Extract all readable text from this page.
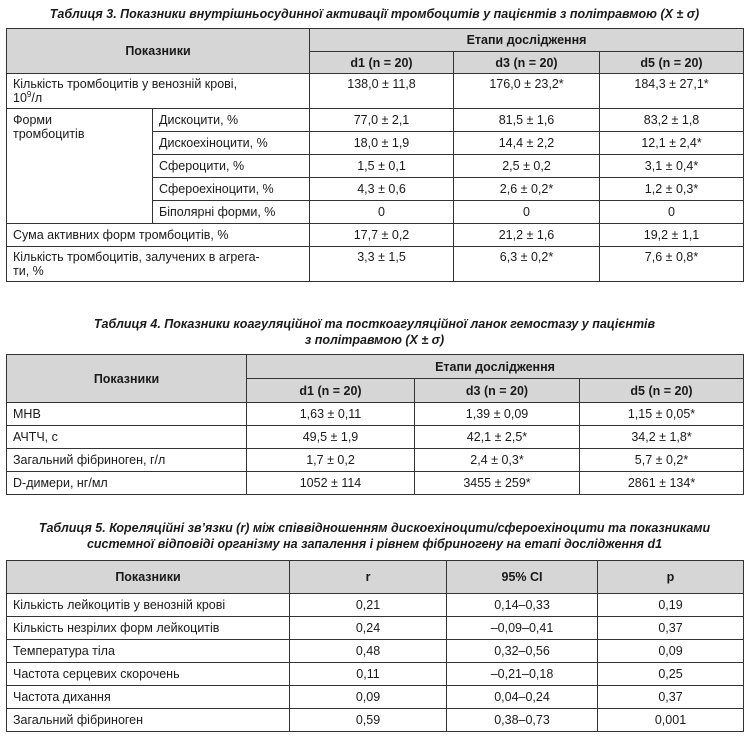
Таблиця 3. Показники внутрішньосудинної активації тромбоцитів у пацієнтів з політравмою (X ± σ)
Показники		Етапи дослідження		
		d1 (n = 20)	d3 (n = 20)	d5 (n = 20)
Кількість тромбоцитів у венозній крові,
$10^9/л$		138,0 ± 11,8	176,0 ± 23,2*	184,3 ± 27,1*
Форми
тромбоцитів	Дискоцити, %	77,0 ± 2,1	81,5 ± 1,6	83,2 ± 1,8
	Дискоехіноцити, %	18,0 ± 1,9	14,4 ± 2,2	12,1 ± 2,4*
	Сфероцити, %	1,5 ± 0,1	2,5 ± 0,2	3,1 ± 0,4*
	Сфероехіноцити, %	4,3 ± 0,6	2,6 ± 0,2*	1,2 ± 0,3*
	Біполярні форми, %	0	0	0
Сума активних форм тромбоцитів, %		17,7 ± 0,2	21,2 ± 1,6	19,2 ± 1,1
Кількість тромбоцитів, залучених в агрега-
ти, %		3,3 ± 1,5	6,3 ± 0,2*	7,6 ± 0,8*
Таблиця 4. Показники коагуляційної та посткоагуляційної ланок гемостазу у пацієнтів
з політравмою (X ± σ)
Показники	Етапи дослідження		
	d1 (n = 20)	d3 (n = 20)	d5 (n = 20)
МНВ	1,63 ± 0,11	1,39 ± 0,09	1,15 ± 0,05*
АЧТЧ, с	49,5 ± 1,9	42,1 ± 2,5*	34,2 ± 1,8*
Загальний фібриноген, г/л	1,7 ± 0,2	2,4 ± 0,3*	5,7 ± 0,2*
D-димери, нг/мл	1052 ± 114	3455 ± 259*	2861 ± 134*
Таблиця 5. Кореляційні зв’язки (r) між співвідношенням дискоехіноцити/сфероехіноцити та показниками
системної відповіді організму на запалення і рівнем фібриногену на етапі дослідження d1
Показники	r	95% CI	p
Кількість лейкоцитів у венозній крові	0,21	0,14–0,33	0,19
Кількість незрілих форм лейкоцитів	0,24	–0,09–0,41	0,37
Температура тіла	0,48	0,32–0,56	0,09
Частота серцевих скорочень	0,11	–0,21–0,18	0,25
Частота дихання	0,09	0,04–0,24	0,37
Загальний фібриноген	0,59	0,38–0,73	0,001
